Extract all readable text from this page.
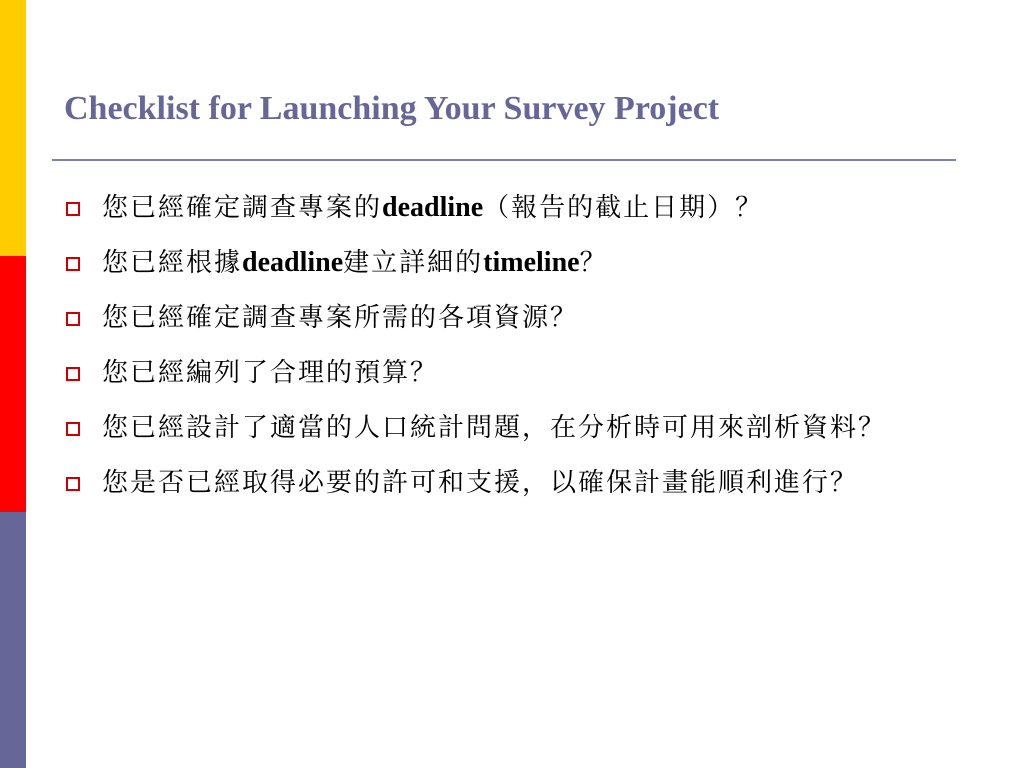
Checklist for Launching Your Survey Project
您已經確定調查專案的deadline（報告的截止日期）？
您已經根據deadline建立詳細的timeline？
您已經確定調查專案所需的各項資源？
您已經編列了合理的預算？
您已經設計了適當的人口統計問題，在分析時可用來剖析資料？
您是否已經取得必要的許可和支援，以確保計畫能順利進行？
